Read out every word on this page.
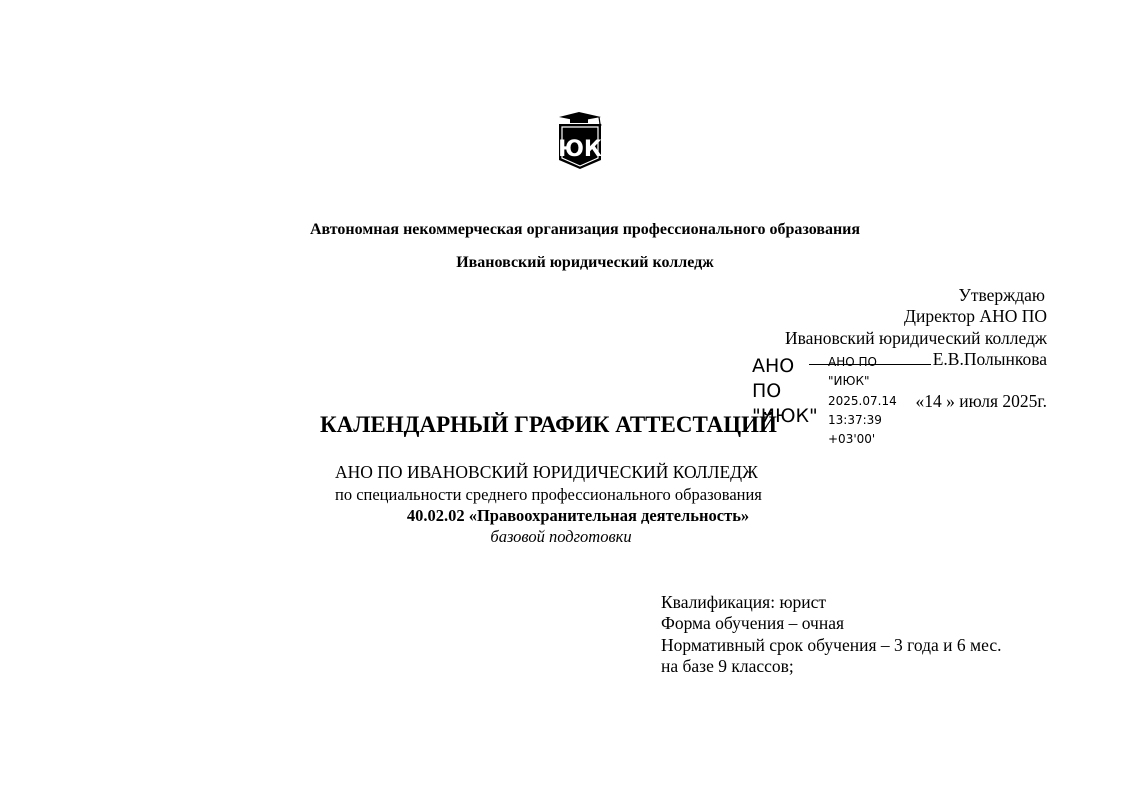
ЮК
Автономная некоммерческая организация профессионального образования
Ивановский юридический колледж
Утверждаю
Директор АНО ПО
Ивановский юридический колледж
Е.В.Полынкова
«14 » июля 2025г.
АНО
ПО
"ИЮК"
АНО ПО
"ИЮК"
2025.07.14
13:37:39
+03'00'
КАЛЕНДАРНЫЙ ГРАФИК АТТЕСТАЦИЙ
АНО ПО ИВАНОВСКИЙ ЮРИДИЧЕСКИЙ КОЛЛЕДЖ
по специальности среднего профессионального образования
40.02.02 «Правоохранительная деятельность»
базовой подготовки
Квалификация: юрист
Форма обучения – очная
Нормативный срок обучения – 3 года и 6 мес.
на базе 9 классов;
